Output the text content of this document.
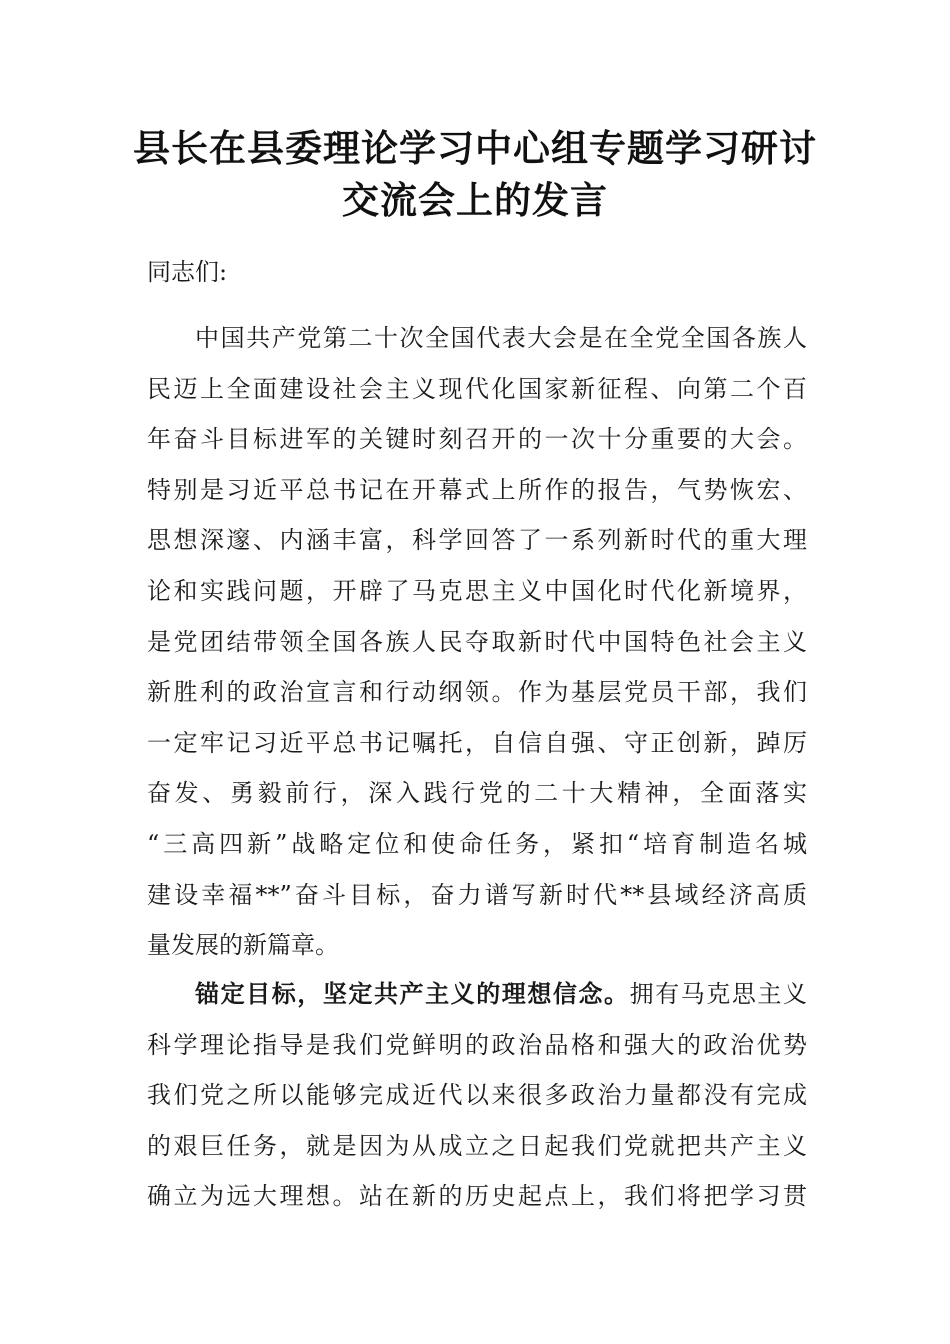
县长在县委理论学习中心组专题学习研讨
交流会上的发言
同志们:
中国共产党第二十次全国代表大会是在全党全国各族人
民迈上全面建设社会主义现代化国家新征程、向第二个百
年奋斗目标进军的关键时刻召开的一次十分重要的大会。
特别是习近平总书记在开幕式上所作的报告，气势恢宏、
思想深邃、内涵丰富，科学回答了一系列新时代的重大理
论和实践问题，开辟了马克思主义中国化时代化新境界，
是党团结带领全国各族人民夺取新时代中国特色社会主义
新胜利的政治宣言和行动纲领。作为基层党员干部，我们
一定牢记习近平总书记嘱托，自信自强、守正创新，踔厉
奋发、勇毅前行，深入践行党的二十大精神，全面落实
“三高四新”战略定位和使命任务，紧扣“培育制造名城
建设幸福**”奋斗目标，奋力谱写新时代**县域经济高质
量发展的新篇章。
锚定目标，坚定共产主义的理想信念。拥有马克思主义
科学理论指导是我们党鲜明的政治品格和强大的政治优势
我们党之所以能够完成近代以来很多政治力量都没有完成
的艰巨任务，就是因为从成立之日起我们党就把共产主义
确立为远大理想。站在新的历史起点上，我们将把学习贯
